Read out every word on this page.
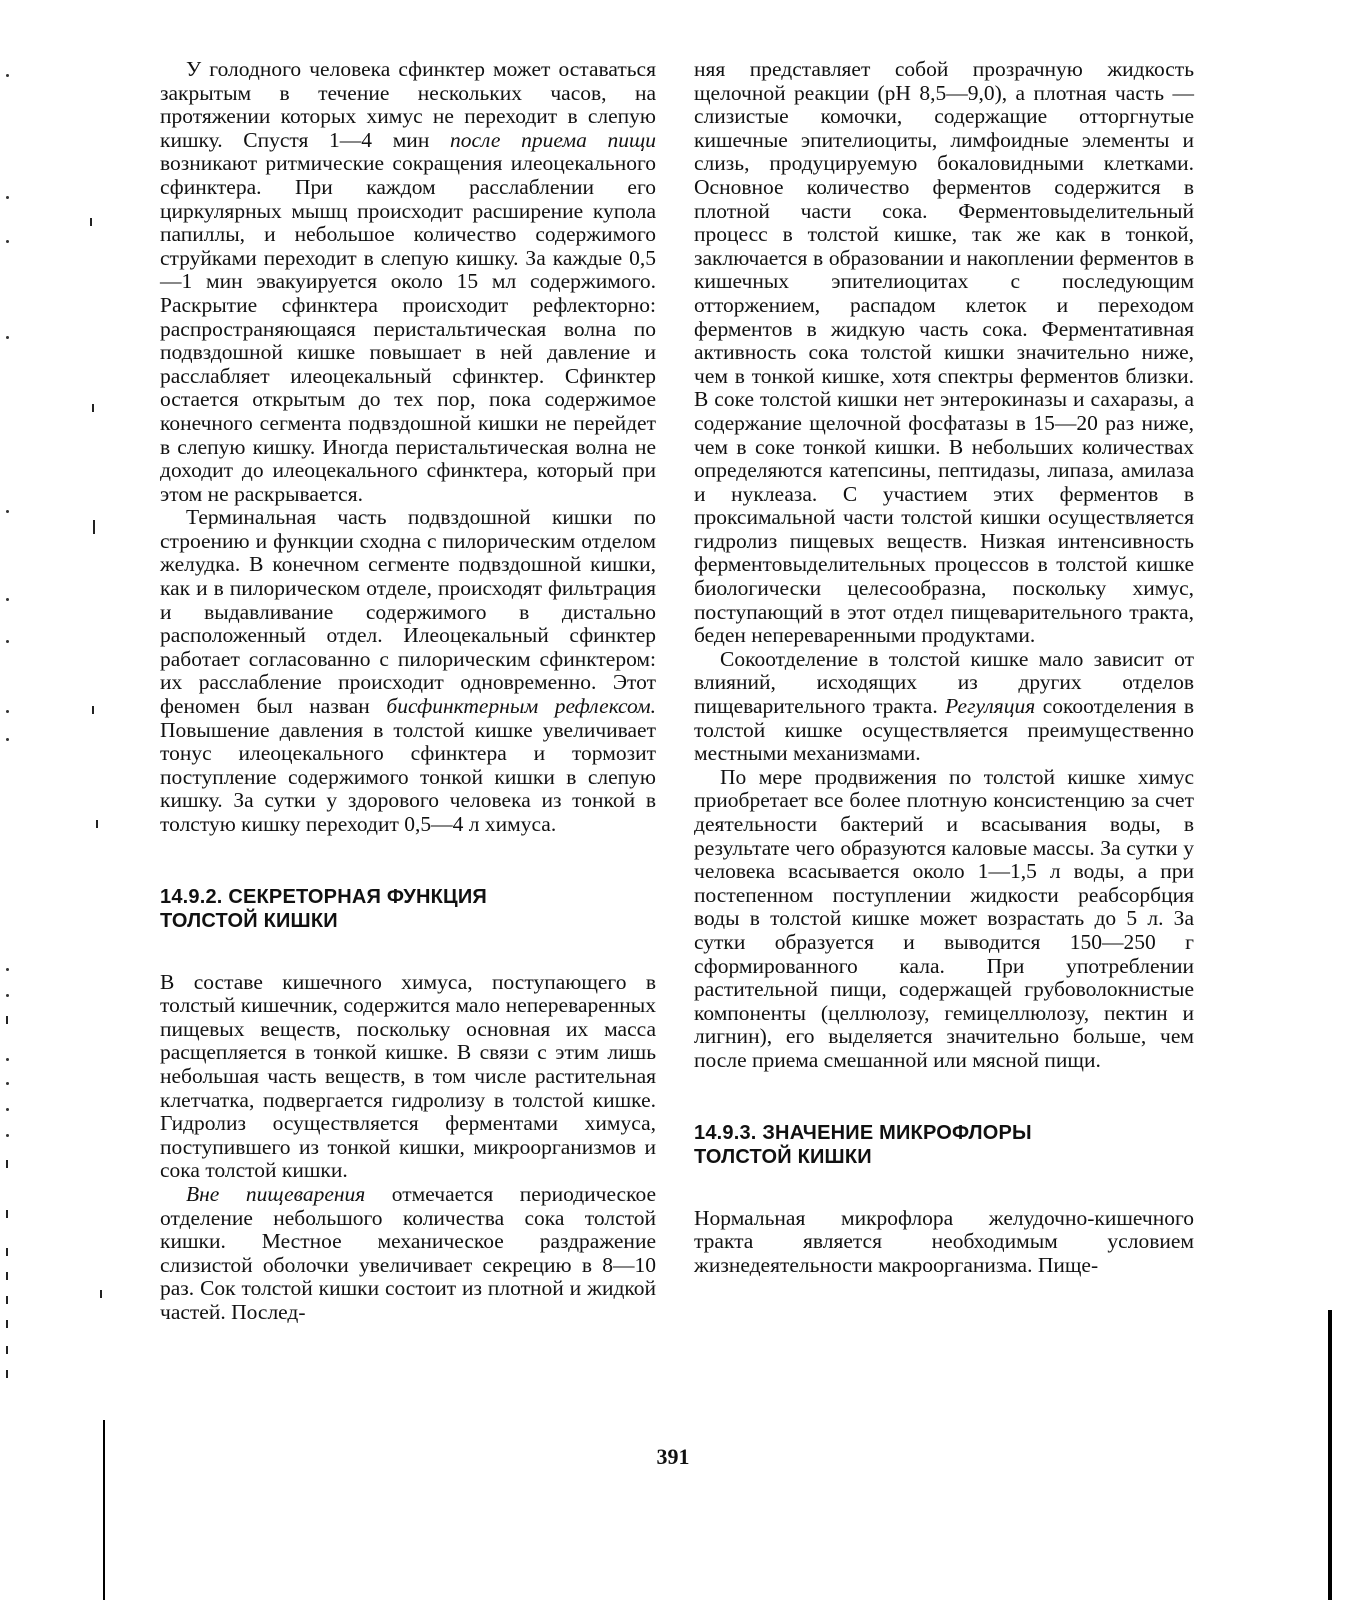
У голодного человека сфинктер может оставаться закрытым в течение нескольких часов, на протяжении которых химус не переходит в слепую кишку. Спустя 1—4 мин после приема пищи возникают ритмические сокращения илеоцекального сфинктера. При каждом расслаблении его циркулярных мышц происходит расширение купола папиллы, и небольшое количество содержимого струйками переходит в слепую кишку. За каждые 0,5—1 мин эвакуируется около 15 мл содержимого. Раскрытие сфинктера происходит рефлекторно: распространяющаяся перистальтическая волна по подвздошной кишке повышает в ней давление и расслабляет илеоцекальный сфинктер. Сфинктер остается открытым до тех пор, пока содержимое конечного сегмента подвздошной кишки не перейдет в слепую кишку. Иногда перистальтическая волна не доходит до илеоцекального сфинктера, который при этом не раскрывается.

Терминальная часть подвздошной кишки по строению и функции сходна с пилорическим отделом желудка. В конечном сегменте подвздошной кишки, как и в пилорическом отделе, происходят фильтрация и выдавливание содержимого в дистально расположенный отдел. Илеоцекальный сфинктер работает согласованно с пилорическим сфинктером: их расслабление происходит одновременно. Этот феномен был назван бисфинктерным рефлексом. Повышение давления в толстой кишке увеличивает тонус илеоцекального сфинктера и тормозит поступление содержимого тонкой кишки в слепую кишку. За сутки у здорового человека из тонкой в толстую кишку переходит 0,5—4 л химуса.

14.9.2. СЕКРЕТОРНАЯ ФУНКЦИЯ
ТОЛСТОЙ КИШКИ

В составе кишечного химуса, поступающего в толстый кишечник, содержится мало непереваренных пищевых веществ, поскольку основная их масса расщепляется в тонкой кишке. В связи с этим лишь небольшая часть веществ, в том числе растительная клетчатка, подвергается гидролизу в толстой кишке. Гидролиз осуществляется ферментами химуса, поступившего из тонкой кишки, микроорганизмов и сока толстой кишки.

Вне пищеварения отмечается периодическое отделение небольшого количества сока толстой кишки. Местное механическое раздражение слизистой оболочки увеличивает секрецию в 8—10 раз. Сок толстой кишки состоит из плотной и жидкой частей. Послед-

няя представляет собой прозрачную жидкость щелочной реакции (pH 8,5—9,0), а плотная часть — слизистые комочки, содержащие отторгнутые кишечные эпителиоциты, лимфоидные элементы и слизь, продуцируемую бокаловидными клетками. Основное количество ферментов содержится в плотной части сока. Ферментовыделительный процесс в толстой кишке, так же как в тонкой, заключается в образовании и накоплении ферментов в кишечных эпителиоцитах с последующим отторжением, распадом клеток и переходом ферментов в жидкую часть сока. Ферментативная активность сока толстой кишки значительно ниже, чем в тонкой кишке, хотя спектры ферментов близки. В соке толстой кишки нет энтерокиназы и сахаразы, а содержание щелочной фосфатазы в 15—20 раз ниже, чем в соке тонкой кишки. В небольших количествах определяются катепсины, пептидазы, липаза, амилаза и нуклеаза. С участием этих ферментов в проксимальной части толстой кишки осуществляется гидролиз пищевых веществ. Низкая интенсивность ферментовыделительных процессов в толстой кишке биологически целесообразна, поскольку химус, поступающий в этот отдел пищеварительного тракта, беден непереваренными продуктами.

Сокоотделение в толстой кишке мало зависит от влияний, исходящих из других отделов пищеварительного тракта. Регуляция сокоотделения в толстой кишке осуществляется преимущественно местными механизмами.

По мере продвижения по толстой кишке химус приобретает все более плотную консистенцию за счет деятельности бактерий и всасывания воды, в результате чего образуются каловые массы. За сутки у человека всасывается около 1—1,5 л воды, а при постепенном поступлении жидкости реабсорбция воды в толстой кишке может возрастать до 5 л. За сутки образуется и выводится 150—250 г сформированного кала. При употреблении растительной пищи, содержащей грубоволокнистые компоненты (целлюлозу, гемицеллюлозу, пектин и лигнин), его выделяется значительно больше, чем после приема смешанной или мясной пищи.

14.9.3. ЗНАЧЕНИЕ МИКРОФЛОРЫ
ТОЛСТОЙ КИШКИ

Нормальная микрофлора желудочно-кишечного тракта является необходимым условием жизнедеятельности макроорганизма. Пище-

391
